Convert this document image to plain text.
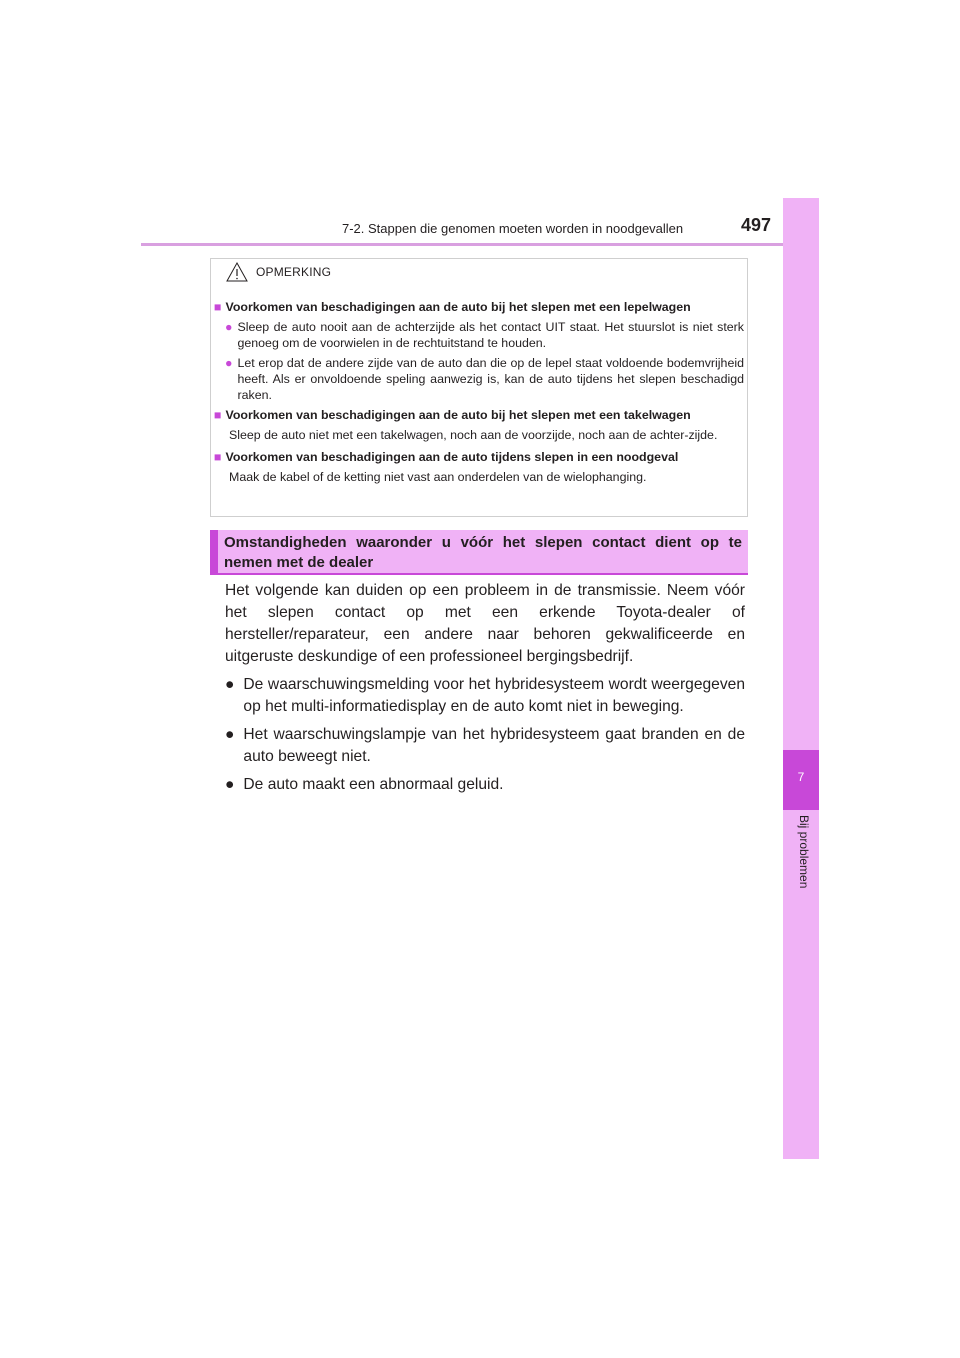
7-2. Stappen die genomen moeten worden in noodgevallen	497
7
Bij problemen
OPMERKING
■ Voorkomen van beschadigingen aan de auto bij het slepen met een lepelwagen
● Sleep de auto nooit aan de achterzijde als het contact UIT staat. Het stuurslot is niet sterk genoeg om de voorwielen in de rechtuitstand te houden.
● Let erop dat de andere zijde van de auto dan die op de lepel staat voldoende bodemvrijheid heeft. Als er onvoldoende speling aanwezig is, kan de auto tijdens het slepen beschadigd raken.
■ Voorkomen van beschadigingen aan de auto bij het slepen met een takelwagen
Sleep de auto niet met een takelwagen, noch aan de voorzijde, noch aan de achter-zijde.
■ Voorkomen van beschadigingen aan de auto tijdens slepen in een noodgeval
Maak de kabel of de ketting niet vast aan onderdelen van de wielophanging.
Omstandigheden waaronder u vóór het slepen contact dient op te nemen met de dealer

Het volgende kan duiden op een probleem in de transmissie. Neem vóór het slepen contact op met een erkende Toyota-dealer of hersteller/reparateur, een andere naar behoren gekwalificeerde en uitgeruste deskundige of een professioneel bergingsbedrijf.

● De waarschuwingsmelding voor het hybridesysteem wordt weergegeven op het multi-informatiedisplay en de auto komt niet in beweging.
● Het waarschuwingslampje van het hybridesysteem gaat branden en de auto beweegt niet.
● De auto maakt een abnormaal geluid.
